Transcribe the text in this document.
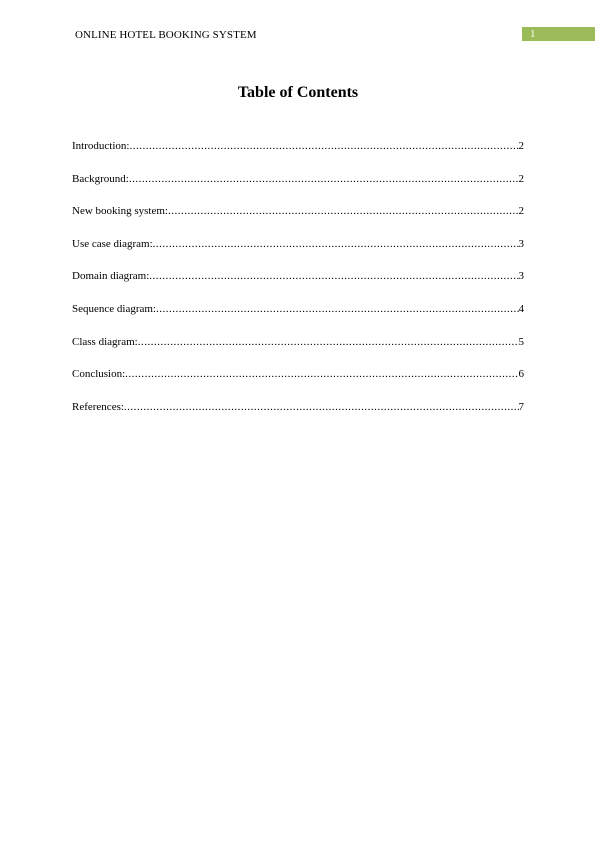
ONLINE HOTEL BOOKING SYSTEM	1
Table of Contents
Introduction: .....	2
Background: .....	2
New booking system: .....	2
Use case diagram: .....	3
Domain diagram: .....	3
Sequence diagram: .....	4
Class diagram: .....	5
Conclusion: .....	6
References: .....	7
